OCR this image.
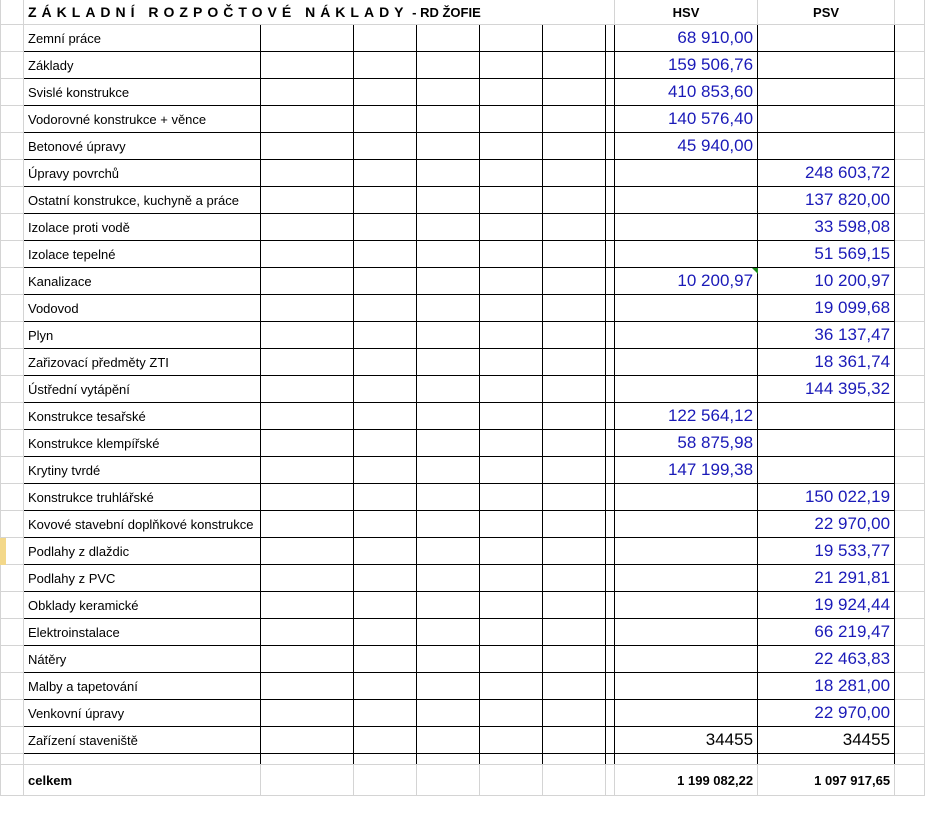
	ZÁKLADNÍ ROZPOČTOVÉ NÁKLADY - RD ŽOFIE							HSV	PSV	
	Zemní práce							68 910,00		
	Základy							159 506,76		
	Svislé konstrukce							410 853,60		
	Vodorovné konstrukce + věnce							140 576,40		
	Betonové úpravy							45 940,00		
	Úpravy povrchů								248 603,72	
	Ostatní konstrukce, kuchyně a práce								137 820,00	
	Izolace proti vodě								33 598,08	
	Izolace tepelné								51 569,15	
	Kanalizace							10 200,97	10 200,97	
	Vodovod								19 099,68	
	Plyn								36 137,47	
	Zařizovací předměty ZTI								18 361,74	
	Ústřední vytápění								144 395,32	
	Konstrukce tesařské							122 564,12		
	Konstrukce klempířské							58 875,98		
	Krytiny tvrdé							147 199,38		
	Konstrukce truhlářské								150 022,19	
	Kovové stavební doplňkové konstrukce								22 970,00	
	Podlahy z dlaždic								19 533,77	
	Podlahy z PVC								21 291,81	
	Obklady keramické								19 924,44	
	Elektroinstalace								66 219,47	
	Nátěry								22 463,83	
	Malby a tapetování								18 281,00	
	Venkovní úpravy								22 970,00	
	Zařízení staveniště							34455	34455	

	celkem							1 199 082,22	1 097 917,65	
